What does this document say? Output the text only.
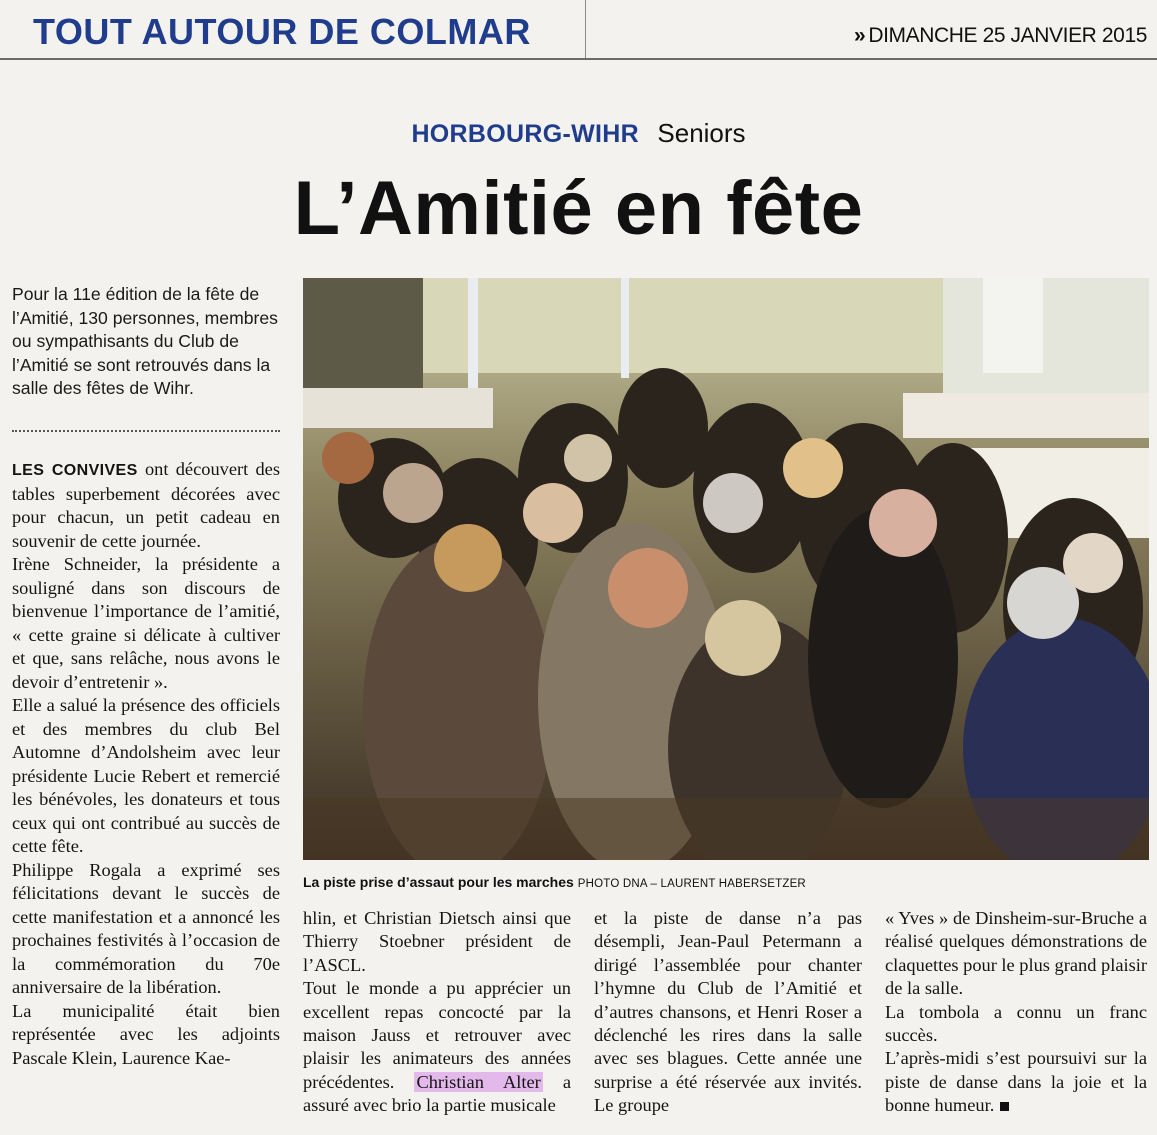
TOUT AUTOUR DE COLMAR	» DIMANCHE 25 JANVIER 2015
HORBOURG-WIHR Seniors
L’Amitié en fête
Pour la 11e édition de la fête de l’Amitié, 130 personnes, membres ou sympathisants du Club de l’Amitié se sont retrouvés dans la salle des fêtes de Wihr.

LES CONVIVES ont découvert des tables superbement décorées avec pour chacun, un petit cadeau en souvenir de cette journée.

Irène Schneider, la présidente a souligné dans son discours de bienvenue l’importance de l’amitié, « cette graine si délicate à cultiver et que, sans relâche, nous avons le devoir d’entretenir ».

Elle a salué la présence des officiels et des membres du club Bel Automne d’Andolsheim avec leur présidente Lucie Rebert et remercié les bénévoles, les donateurs et tous ceux qui ont contribué au succès de cette fête.

Philippe Rogala a exprimé ses félicitations devant le succès de cette manifestation et a annoncé les prochaines festivités à l’occasion de la commémoration du 70e anniversaire de la libération.

La municipalité était bien représentée avec les adjoints Pascale Klein, Laurence Kae-

La piste prise d’assaut pour les marches PHOTO DNA – LAURENT HABERSETZER
hlin, et Christian Dietsch ainsi que Thierry Stoebner président de l’ASCL.
Tout le monde a pu apprécier un excellent repas concocté par la maison Jauss et retrouver avec plaisir les animateurs des années précédentes. Christian Alter a assuré avec brio la partie musicale
et la piste de danse n’a pas désempli, Jean-Paul Petermann a dirigé l’assemblée pour chanter l’hymne du Club de l’Amitié et d’autres chansons, et Henri Roser a déclenché les rires dans la salle avec ses blagues. Cette année une surprise a été réservée aux invités. Le groupe
« Yves » de Dinsheim-sur-Bruche a réalisé quelques démonstrations de claquettes pour le plus grand plaisir de la salle.
La tombola a connu un franc succès.
L’après-midi s’est poursuivi sur la piste de danse dans la joie et la bonne humeur.
